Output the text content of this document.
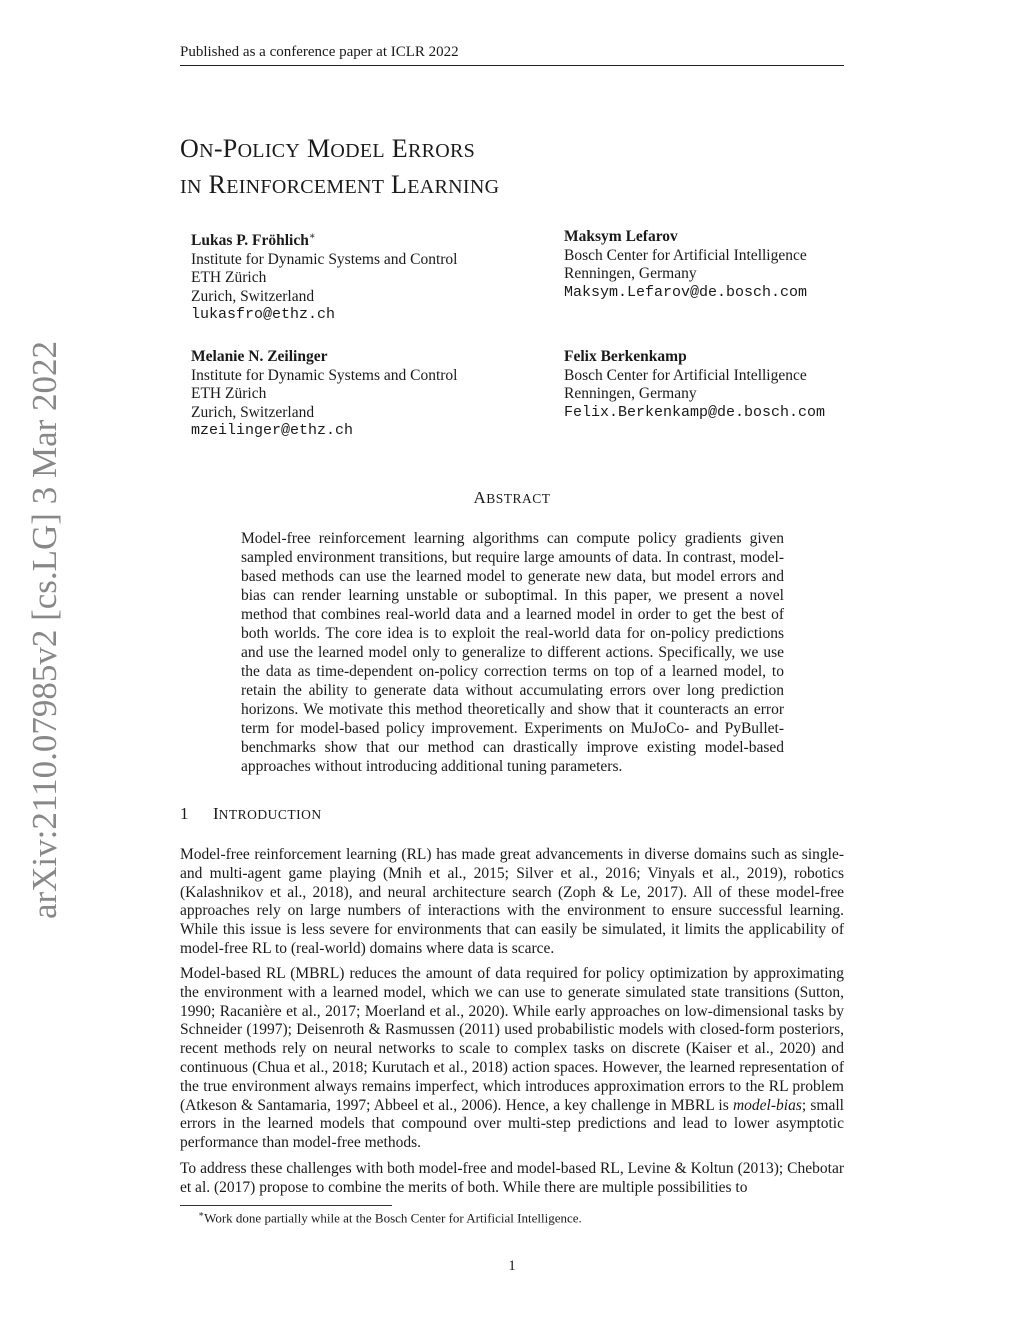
Published as a conference paper at ICLR 2022
ON-POLICY MODEL ERRORS
IN REINFORCEMENT LEARNING
Lukas P. Fröhlich∗
Institute for Dynamic Systems and Control
ETH Zürich
Zurich, Switzerland
lukasfro@ethz.ch
Maksym Lefarov
Bosch Center for Artificial Intelligence
Renningen, Germany
Maksym.Lefarov@de.bosch.com
Melanie N. Zeilinger
Institute for Dynamic Systems and Control
ETH Zürich
Zurich, Switzerland
mzeilinger@ethz.ch
Felix Berkenkamp
Bosch Center for Artificial Intelligence
Renningen, Germany
Felix.Berkenkamp@de.bosch.com
arXiv:2110.07985v2 [cs.LG] 3 Mar 2022	ABSTRACT
Model-free reinforcement learning algorithms can compute policy gradients given sampled environment transitions, but require large amounts of data. In contrast, model-based methods can use the learned model to generate new data, but model errors and bias can render learning unstable or suboptimal. In this paper, we present a novel method that combines real-world data and a learned model in order to get the best of both worlds. The core idea is to exploit the real-world data for on-policy predictions and use the learned model only to generalize to different actions. Specifically, we use the data as time-dependent on-policy correction terms on top of a learned model, to retain the ability to generate data without accumulating errors over long prediction horizons. We motivate this method theoretically and show that it counteracts an error term for model-based policy improvement. Experiments on MuJoCo- and PyBullet-benchmarks show that our method can drastically improve existing model-based approaches without introducing additional tuning parameters.
1 INTRODUCTION
Model-free reinforcement learning (RL) has made great advancements in diverse domains such as single- and multi-agent game playing (Mnih et al., 2015; Silver et al., 2016; Vinyals et al., 2019), robotics (Kalashnikov et al., 2018), and neural architecture search (Zoph & Le, 2017). All of these model-free approaches rely on large numbers of interactions with the environment to ensure successful learning. While this issue is less severe for environments that can easily be simulated, it limits the applicability of model-free RL to (real-world) domains where data is scarce.
Model-based RL (MBRL) reduces the amount of data required for policy optimization by approximating the environment with a learned model, which we can use to generate simulated state transitions (Sutton, 1990; Racanière et al., 2017; Moerland et al., 2020). While early approaches on low-dimensional tasks by Schneider (1997); Deisenroth & Rasmussen (2011) used probabilistic models with closed-form posteriors, recent methods rely on neural networks to scale to complex tasks on discrete (Kaiser et al., 2020) and continuous (Chua et al., 2018; Kurutach et al., 2018) action spaces. However, the learned representation of the true environment always remains imperfect, which introduces approximation errors to the RL problem (Atkeson & Santamaria, 1997; Abbeel et al., 2006). Hence, a key challenge in MBRL is model-bias; small errors in the learned models that compound over multi-step predictions and lead to lower asymptotic performance than model-free methods.
To address these challenges with both model-free and model-based RL, Levine & Koltun (2013); Chebotar et al. (2017) propose to combine the merits of both. While there are multiple possibilities to
∗Work done partially while at the Bosch Center for Artificial Intelligence.
1
